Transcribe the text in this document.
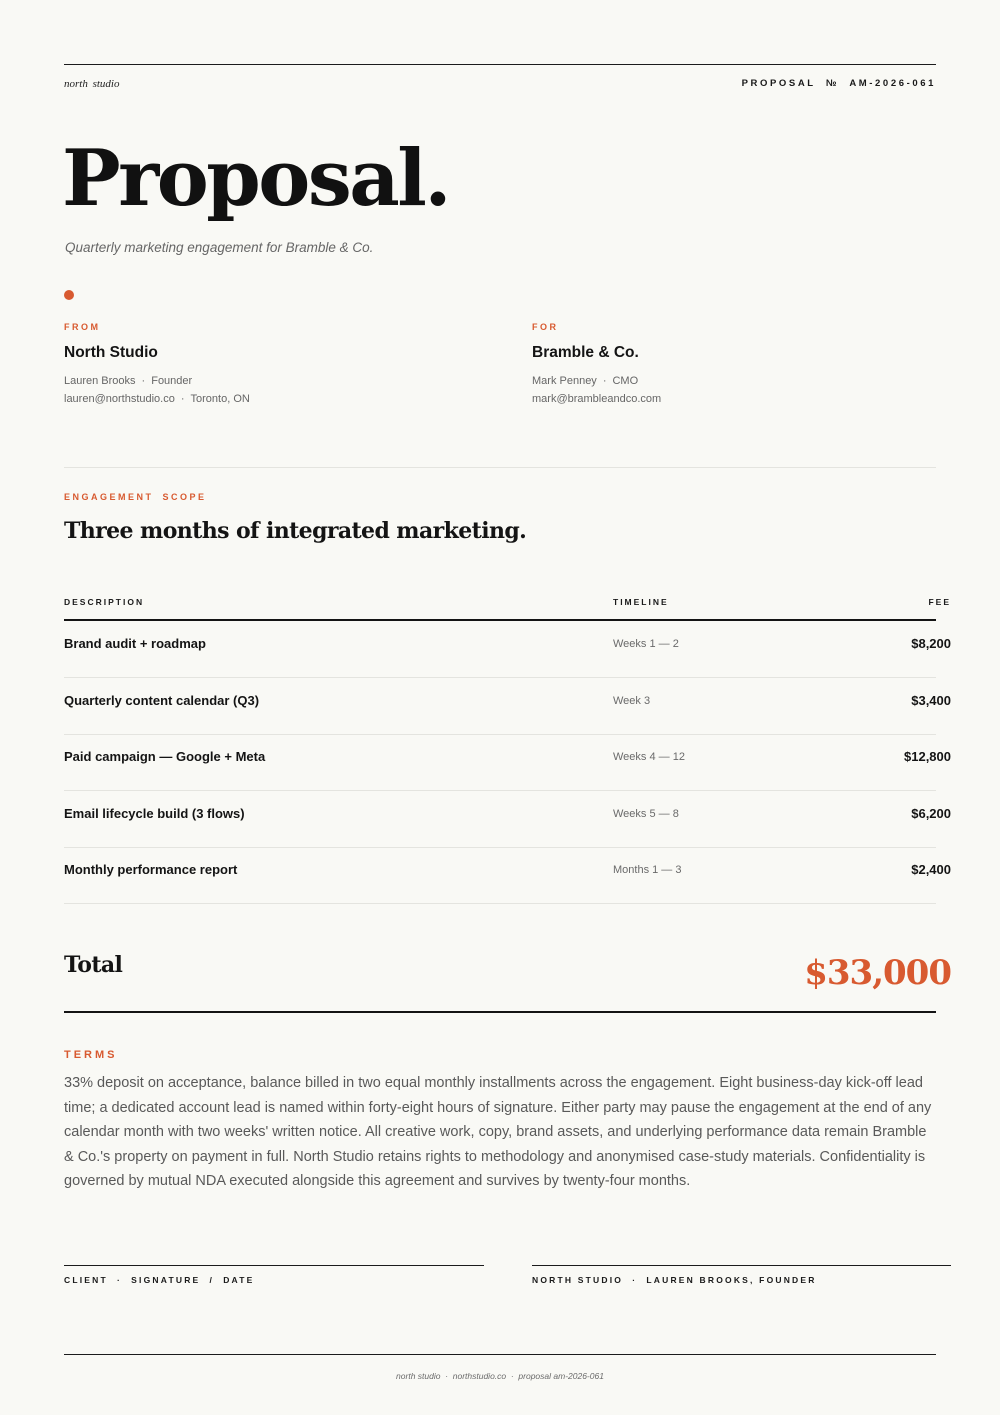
north studio	PROPOSAL  №  AM-2026-061
Proposal.
Quarterly marketing engagement for Bramble & Co.
FROM
North Studio
Lauren Brooks · Founder
lauren@northstudio.co · Toronto, ON
FOR
Bramble & Co.
Mark Penney · CMO
mark@brambleandco.com
ENGAGEMENT SCOPE
Three months of integrated marketing.
DESCRIPTION	TIMELINE	FEE
Brand audit + roadmap	Weeks 1 — 2	$8,200
Quarterly content calendar (Q3)	Week 3	$3,400
Paid campaign — Google + Meta	Weeks 4 — 12	$12,800
Email lifecycle build (3 flows)	Weeks 5 — 8	$6,200
Monthly performance report	Months 1 — 3	$2,400
Total	$33,000
TERMS
33% deposit on acceptance, balance billed in two equal monthly installments across the engagement. Eight business-day kick-off lead time; a dedicated account lead is named within forty-eight hours of signature. Either party may pause the engagement at the end of any calendar month with two weeks' written notice. All creative work, copy, brand assets, and underlying performance data remain Bramble & Co.'s property on payment in full. North Studio retains rights to methodology and anonymised case-study materials. Confidentiality is governed by mutual NDA executed alongside this agreement and survives by twenty-four months.
CLIENT  ·  SIGNATURE  /  DATE	NORTH STUDIO  ·  LAUREN BROOKS, FOUNDER
north studio  ·  northstudio.co  ·  proposal am-2026-061
